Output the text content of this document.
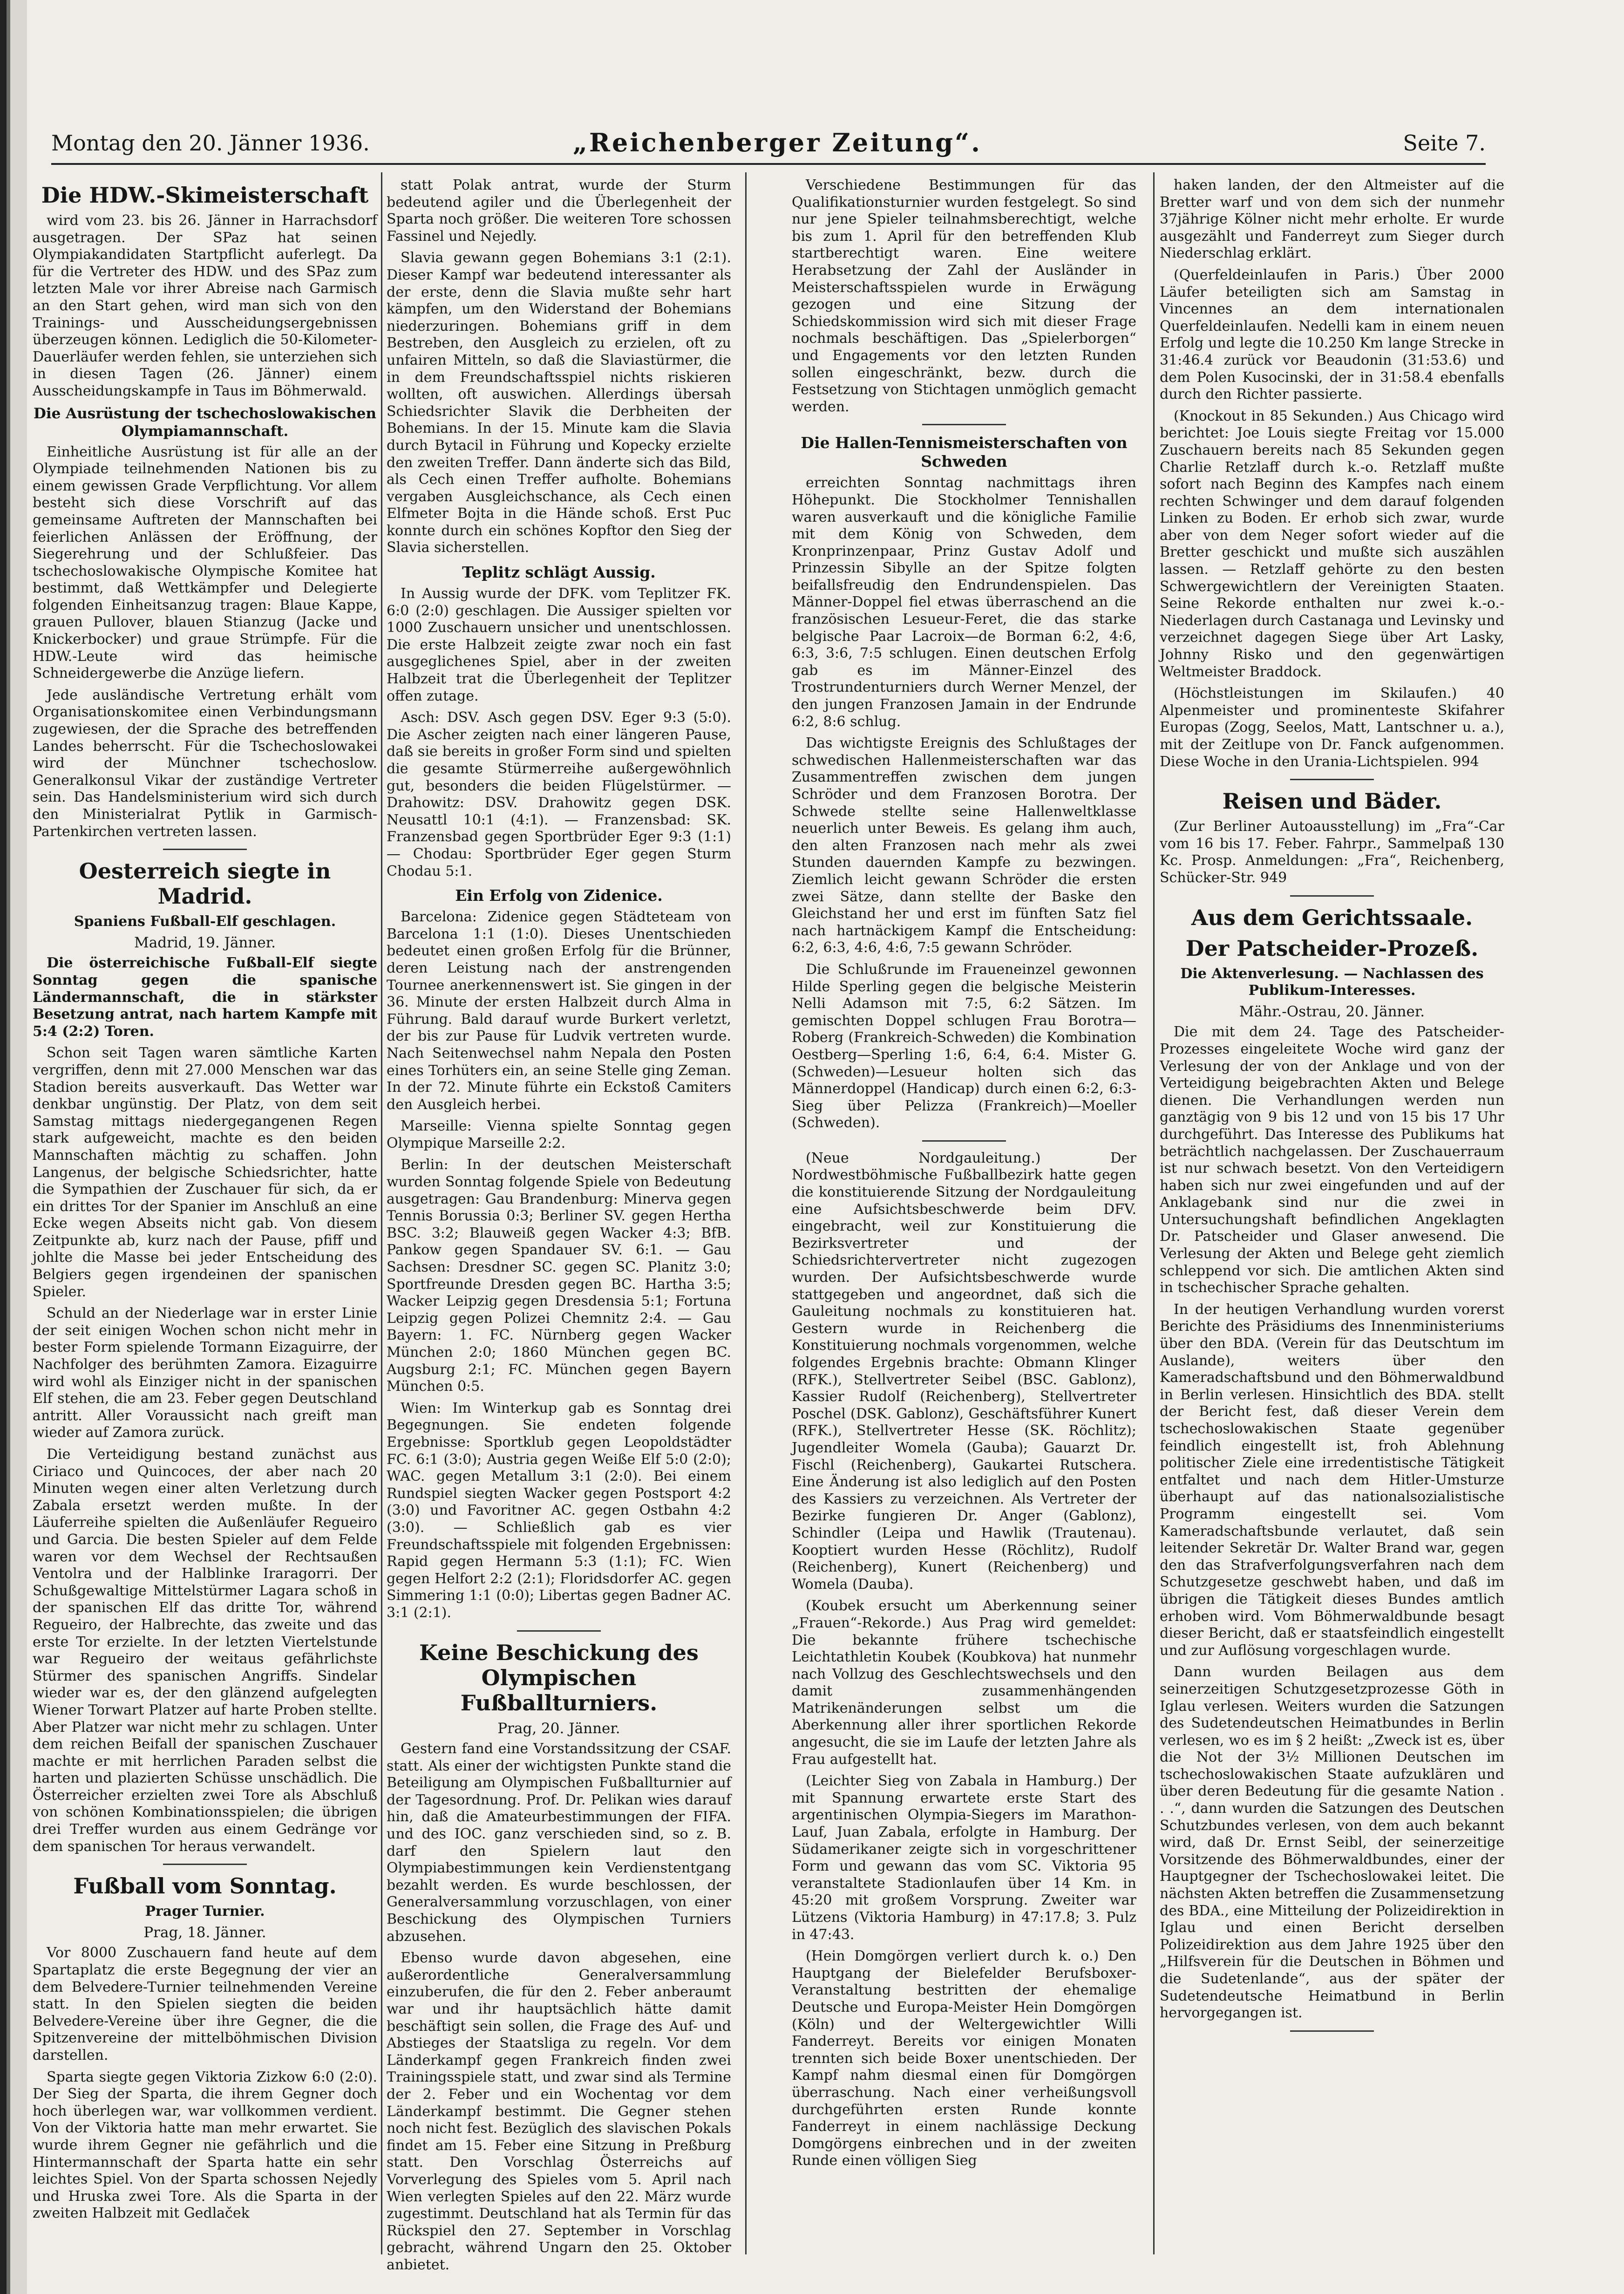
Montag den 20. Jänner 1936.	„Reichenberger Zeitung“.	Seite 7.
Die HDW.-Skimeisterschaft

wird vom 23. bis 26. Jänner in Harrachsdorf ausgetragen. Der SPaz hat seinen Olympiakandidaten Startpflicht auferlegt. Da für die Vertreter des HDW. und des SPaz zum letzten Male vor ihrer Abreise nach Garmisch an den Start gehen, wird man sich von den Trainings- und Ausscheidungsergebnissen überzeugen können. Lediglich die 50-Kilometer-Dauerläufer werden fehlen, sie unterziehen sich in diesen Tagen (26. Jänner) einem Ausscheidungskampfe in Taus im Böhmerwald.

Die Ausrüstung der tschechoslowakischen Olympiamannschaft.

Einheitliche Ausrüstung ist für alle an der Olympiade teilnehmenden Nationen bis zu einem gewissen Grade Verpflichtung. Vor allem besteht sich diese Vorschrift auf das gemeinsame Auftreten der Mannschaften bei feierlichen Anlässen der Eröffnung, der Siegerehrung und der Schlußfeier. Das tschechoslowakische Olympische Komitee hat bestimmt, daß Wettkämpfer und Delegierte folgenden Einheitsanzug tragen: Blaue Kappe, grauen Pullover, blauen Stianzug (Jacke und Knickerbocker) und graue Strümpfe. Für die HDW.-Leute wird das heimische Schneidergewerbe die Anzüge liefern.

Jede ausländische Vertretung erhält vom Organisationskomitee einen Verbindungsmann zugewiesen, der die Sprache des betreffenden Landes beherrscht. Für die Tschechoslowakei wird der Münchner tschechoslow. Generalkonsul Vikar der zuständige Vertreter sein. Das Handelsministerium wird sich durch den Ministerialrat Pytlik in Garmisch-Partenkirchen vertreten lassen.

Oesterreich siegte in Madrid.
Spaniens Fußball-Elf geschlagen.
Madrid, 19. Jänner.

Die österreichische Fußball-Elf siegte Sonntag gegen die spanische Ländermannschaft, die in stärkster Besetzung antrat, nach hartem Kampfe mit 5:4 (2:2) Toren.

Schon seit Tagen waren sämtliche Karten vergriffen, denn mit 27.000 Menschen war das Stadion bereits ausverkauft. Das Wetter war denkbar ungünstig. Der Platz, von dem seit Samstag mittags niedergegangenen Regen stark aufgeweicht, machte es den beiden Mannschaften mächtig zu schaffen. John Langenus, der belgische Schiedsrichter, hatte die Sympathien der Zuschauer für sich, da er ein drittes Tor der Spanier im Anschluß an eine Ecke wegen Abseits nicht gab. Von diesem Zeitpunkte ab, kurz nach der Pause, pfiff und johlte die Masse bei jeder Entscheidung des Belgiers gegen irgendeinen der spanischen Spieler.

Schuld an der Niederlage war in erster Linie der seit einigen Wochen schon nicht mehr in bester Form spielende Tormann Eizaguirre, der Nachfolger des berühmten Zamora. Eizaguirre wird wohl als Einziger nicht in der spanischen Elf stehen, die am 23. Feber gegen Deutschland antritt. Aller Voraussicht nach greift man wieder auf Zamora zurück.

Die Verteidigung bestand zunächst aus Ciriaco und Quincoces, der aber nach 20 Minuten wegen einer alten Verletzung durch Zabala ersetzt werden mußte. In der Läuferreihe spielten die Außenläufer Regueiro und Garcia. Die besten Spieler auf dem Felde waren vor dem Wechsel der Rechtsaußen Ventolra und der Halblinke Iraragorri. Der Schußgewaltige Mittelstürmer Lagara schoß in der spanischen Elf das dritte Tor, während Regueiro, der Halbrechte, das zweite und das erste Tor erzielte. In der letzten Viertelstunde war Regueiro der weitaus gefährlichste Stürmer des spanischen Angriffs. Sindelar wieder war es, der den glänzend aufgelegten Wiener Torwart Platzer auf harte Proben stellte. Aber Platzer war nicht mehr zu schlagen. Unter dem reichen Beifall der spanischen Zuschauer machte er mit herrlichen Paraden selbst die harten und plazierten Schüsse unschädlich. Die Österreicher erzielten zwei Tore als Abschluß von schönen Kombinationsspielen; die übrigen drei Treffer wurden aus einem Gedränge vor dem spanischen Tor heraus verwandelt.

Fußball vom Sonntag.
Prager Turnier.
Prag, 18. Jänner.

Vor 8000 Zuschauern fand heute auf dem Spartaplatz die erste Begegnung der vier an dem Belvedere-Turnier teilnehmenden Vereine statt. In den Spielen siegten die beiden Belvedere-Vereine über ihre Gegner, die die Spitzenvereine der mittelböhmischen Division darstellen.

Sparta siegte gegen Viktoria Zizkow 6:0 (2:0). Der Sieg der Sparta, die ihrem Gegner doch hoch überlegen war, war vollkommen verdient. Von der Viktoria hatte man mehr erwartet. Sie wurde ihrem Gegner nie gefährlich und die Hintermannschaft der Sparta hatte ein sehr leichtes Spiel. Von der Sparta schossen Nejedly und Hruska zwei Tore. Als die Sparta in der zweiten Halbzeit mit Gedlaček

statt Polak antrat, wurde der Sturm bedeutend agiler und die Überlegenheit der Sparta noch größer. Die weiteren Tore schossen Fassinel und Nejedly.

Slavia gewann gegen Bohemians 3:1 (2:1). Dieser Kampf war bedeutend interessanter als der erste, denn die Slavia mußte sehr hart kämpfen, um den Widerstand der Bohemians niederzuringen. Bohemians griff in dem Bestreben, den Ausgleich zu erzielen, oft zu unfairen Mitteln, so daß die Slaviastürmer, die in dem Freundschaftsspiel nichts riskieren wollten, oft auswichen. Allerdings übersah Schiedsrichter Slavik die Derbheiten der Bohemians. In der 15. Minute kam die Slavia durch Bytacil in Führung und Kopecky erzielte den zweiten Treffer. Dann änderte sich das Bild, als Cech einen Treffer aufholte. Bohemians vergaben Ausgleichschance, als Cech einen Elfmeter Bojta in die Hände schoß. Erst Puc konnte durch ein schönes Kopftor den Sieg der Slavia sicherstellen.

Teplitz schlägt Aussig.

In Aussig wurde der DFK. vom Teplitzer FK. 6:0 (2:0) geschlagen. Die Aussiger spielten vor 1000 Zuschauern unsicher und unentschlossen. Die erste Halbzeit zeigte zwar noch ein fast ausgeglichenes Spiel, aber in der zweiten Halbzeit trat die Überlegenheit der Teplitzer offen zutage.

Asch: DSV. Asch gegen DSV. Eger 9:3 (5:0). Die Ascher zeigten nach einer längeren Pause, daß sie bereits in großer Form sind und spielten die gesamte Stürmerreihe außergewöhnlich gut, besonders die beiden Flügelstürmer. — Drahowitz: DSV. Drahowitz gegen DSK. Neusattl 10:1 (4:1). — Franzensbad: SK. Franzensbad gegen Sportbrüder Eger 9:3 (1:1) — Chodau: Sportbrüder Eger gegen Sturm Chodau 5:1.

Ein Erfolg von Zidenice.

Barcelona: Zidenice gegen Städteteam von Barcelona 1:1 (1:0). Dieses Unentschieden bedeutet einen großen Erfolg für die Brünner, deren Leistung nach der anstrengenden Tournee anerkennenswert ist. Sie gingen in der 36. Minute der ersten Halbzeit durch Alma in Führung. Bald darauf wurde Burkert verletzt, der bis zur Pause für Ludvik vertreten wurde. Nach Seitenwechsel nahm Nepala den Posten eines Torhüters ein, an seine Stelle ging Zeman. In der 72. Minute führte ein Eckstoß Camiters den Ausgleich herbei.

Marseille: Vienna spielte Sonntag gegen Olympique Marseille 2:2.

Berlin: In der deutschen Meisterschaft wurden Sonntag folgende Spiele von Bedeutung ausgetragen: Gau Brandenburg: Minerva gegen Tennis Borussia 0:3; Berliner SV. gegen Hertha BSC. 3:2; Blauweiß gegen Wacker 4:3; BfB. Pankow gegen Spandauer SV. 6:1. — Gau Sachsen: Dresdner SC. gegen SC. Planitz 3:0; Sportfreunde Dresden gegen BC. Hartha 3:5; Wacker Leipzig gegen Dresdensia 5:1; Fortuna Leipzig gegen Polizei Chemnitz 2:4. — Gau Bayern: 1. FC. Nürnberg gegen Wacker München 2:0; 1860 München gegen BC. Augsburg 2:1; FC. München gegen Bayern München 0:5.

Wien: Im Winterkup gab es Sonntag drei Begegnungen. Sie endeten folgende Ergebnisse: Sportklub gegen Leopoldstädter FC. 6:1 (3:0); Austria gegen Weiße Elf 5:0 (2:0); WAC. gegen Metallum 3:1 (2:0). Bei einem Rundspiel siegten Wacker gegen Postsport 4:2 (3:0) und Favoritner AC. gegen Ostbahn 4:2 (3:0). — Schließlich gab es vier Freundschaftsspiele mit folgenden Ergebnissen: Rapid gegen Hermann 5:3 (1:1); FC. Wien gegen Helfort 2:2 (2:1); Floridsdorfer AC. gegen Simmering 1:1 (0:0); Libertas gegen Badner AC. 3:1 (2:1).

Keine Beschickung des Olympischen Fußballturniers.
Prag, 20. Jänner.

Gestern fand eine Vorstandssitzung der CSAF. statt. Als einer der wichtigsten Punkte stand die Beteiligung am Olympischen Fußballturnier auf der Tagesordnung. Prof. Dr. Pelikan wies darauf hin, daß die Amateurbestimmungen der FIFA. und des IOC. ganz verschieden sind, so z. B. darf den Spielern laut den Olympiabestimmungen kein Verdienstentgang bezahlt werden. Es wurde beschlossen, der Generalversammlung vorzuschlagen, von einer Beschickung des Olympischen Turniers abzusehen.

Ebenso wurde davon abgesehen, eine außerordentliche Generalversammlung einzuberufen, die für den 2. Feber anberaumt war und ihr hauptsächlich hätte damit beschäftigt sein sollen, die Frage des Auf- und Abstieges der Staatsliga zu regeln. Vor dem Länderkampf gegen Frankreich finden zwei Trainingsspiele statt, und zwar sind als Termine der 2. Feber und ein Wochentag vor dem Länderkampf bestimmt. Die Gegner stehen noch nicht fest. Bezüglich des slavischen Pokals findet am 15. Feber eine Sitzung in Preßburg statt. Den Vorschlag Österreichs auf Vorverlegung des Spieles vom 5. April nach Wien verlegten Spieles auf den 22. März wurde zugestimmt. Deutschland hat als Termin für das Rückspiel den 27. September in Vorschlag gebracht, während Ungarn den 25. Oktober anbietet.

Verschiedene Bestimmungen für das Qualifikationsturnier wurden festgelegt. So sind nur jene Spieler teilnahmsberechtigt, welche bis zum 1. April für den betreffenden Klub startberechtigt waren. Eine weitere Herabsetzung der Zahl der Ausländer in Meisterschaftsspielen wurde in Erwägung gezogen und eine Sitzung der Schiedskommission wird sich mit dieser Frage nochmals beschäftigen. Das „Spielerborgen“ und Engagements vor den letzten Runden sollen eingeschränkt, bezw. durch die Festsetzung von Stichtagen unmöglich gemacht werden.

Die Hallen-Tennismeisterschaften von Schweden

erreichten Sonntag nachmittags ihren Höhepunkt. Die Stockholmer Tennishallen waren ausverkauft und die königliche Familie mit dem König von Schweden, dem Kronprinzenpaar, Prinz Gustav Adolf und Prinzessin Sibylle an der Spitze folgten beifallsfreudig den Endrundenspielen. Das Männer-Doppel fiel etwas überraschend an die französischen Lesueur-Feret, die das starke belgische Paar Lacroix—de Borman 6:2, 4:6, 6:3, 3:6, 7:5 schlugen. Einen deutschen Erfolg gab es im Männer-Einzel des Trostrundenturniers durch Werner Menzel, der den jungen Franzosen Jamain in der Endrunde 6:2, 8:6 schlug.

Das wichtigste Ereignis des Schlußtages der schwedischen Hallenmeisterschaften war das Zusammentreffen zwischen dem jungen Schröder und dem Franzosen Borotra. Der Schwede stellte seine Hallenweltklasse neuerlich unter Beweis. Es gelang ihm auch, den alten Franzosen nach mehr als zwei Stunden dauernden Kampfe zu bezwingen. Ziemlich leicht gewann Schröder die ersten zwei Sätze, dann stellte der Baske den Gleichstand her und erst im fünften Satz fiel nach hartnäckigem Kampf die Entscheidung: 6:2, 6:3, 4:6, 4:6, 7:5 gewann Schröder.

Die Schlußrunde im Fraueneinzel gewonnen Hilde Sperling gegen die belgische Meisterin Nelli Adamson mit 7:5, 6:2 Sätzen. Im gemischten Doppel schlugen Frau Borotra—Roberg (Frankreich-Schweden) die Kombination Oestberg—Sperling 1:6, 6:4, 6:4. Mister G. (Schweden)—Lesueur holten sich das Männerdoppel (Handicap) durch einen 6:2, 6:3-Sieg über Pelizza (Frankreich)—Moeller (Schweden).

(Neue Nordgauleitung.) Der Nordwestböhmische Fußballbezirk hatte gegen die konstituierende Sitzung der Nordgauleitung eine Aufsichtsbeschwerde beim DFV. eingebracht, weil zur Konstituierung die Bezirksvertreter und der Schiedsrichtervertreter nicht zugezogen wurden. Der Aufsichtsbeschwerde wurde stattgegeben und angeordnet, daß sich die Gauleitung nochmals zu konstituieren hat. Gestern wurde in Reichenberg die Konstituierung nochmals vorgenommen, welche folgendes Ergebnis brachte: Obmann Klinger (RFK.), Stellvertreter Seibel (BSC. Gablonz), Kassier Rudolf (Reichenberg), Stellvertreter Poschel (DSK. Gablonz), Geschäftsführer Kunert (RFK.), Stellvertreter Hesse (SK. Röchlitz); Jugendleiter Womela (Gauba); Gauarzt Dr. Fischl (Reichenberg), Gaukartei Rutschera. Eine Änderung ist also lediglich auf den Posten des Kassiers zu verzeichnen. Als Vertreter der Bezirke fungieren Dr. Anger (Gablonz), Schindler (Leipa und Hawlik (Trautenau). Kooptiert wurden Hesse (Röchlitz), Rudolf (Reichenberg), Kunert (Reichenberg) und Womela (Dauba).

(Koubek ersucht um Aberkennung seiner „Frauen“-Rekorde.) Aus Prag wird gemeldet: Die bekannte frühere tschechische Leichtathletin Koubek (Koubkova) hat nunmehr nach Vollzug des Geschlechtswechsels und den damit zusammenhängenden Matrikenänderungen selbst um die Aberkennung aller ihrer sportlichen Rekorde angesucht, die sie im Laufe der letzten Jahre als Frau aufgestellt hat.

(Leichter Sieg von Zabala in Hamburg.) Der mit Spannung erwartete erste Start des argentinischen Olympia-Siegers im Marathon-Lauf, Juan Zabala, erfolgte in Hamburg. Der Südamerikaner zeigte sich in vorgeschrittener Form und gewann das vom SC. Viktoria 95 veranstaltete Stadionlaufen über 14 Km. in 45:20 mit großem Vorsprung. Zweiter war Lützens (Viktoria Hamburg) in 47:17.8; 3. Pulz in 47:43.

(Hein Domgörgen verliert durch k. o.) Den Hauptgang der Bielefelder Berufsboxer-Veranstaltung bestritten der ehemalige Deutsche und Europa-Meister Hein Domgörgen (Köln) und der Weltergewichtler Willi Fanderreyt. Bereits vor einigen Monaten trennten sich beide Boxer unentschieden. Der Kampf nahm diesmal einen für Domgörgen überraschung. Nach einer verheißungsvoll durchgeführten ersten Runde konnte Fanderreyt in einem nachlässige Deckung Domgörgens einbrechen und in der zweiten Runde einen völligen Sieg

haken landen, der den Altmeister auf die Bretter warf und von dem sich der nunmehr 37jährige Kölner nicht mehr erholte. Er wurde ausgezählt und Fanderreyt zum Sieger durch Niederschlag erklärt.

(Querfeldeinlaufen in Paris.) Über 2000 Läufer beteiligten sich am Samstag in Vincennes an dem internationalen Querfeldeinlaufen. Nedelli kam in einem neuen Erfolg und legte die 10.250 Km lange Strecke in 31:46.4 zurück vor Beaudonin (31:53.6) und dem Polen Kusocinski, der in 31:58.4 ebenfalls durch den Richter passierte.

(Knockout in 85 Sekunden.) Aus Chicago wird berichtet: Joe Louis siegte Freitag vor 15.000 Zuschauern bereits nach 85 Sekunden gegen Charlie Retzlaff durch k.-o. Retzlaff mußte sofort nach Beginn des Kampfes nach einem rechten Schwinger und dem darauf folgenden Linken zu Boden. Er erhob sich zwar, wurde aber von dem Neger sofort wieder auf die Bretter geschickt und mußte sich auszählen lassen. — Retzlaff gehörte zu den besten Schwergewichtlern der Vereinigten Staaten. Seine Rekorde enthalten nur zwei k.-o.-Niederlagen durch Castanaga und Levinsky und verzeichnet dagegen Siege über Art Lasky, Johnny Risko und den gegenwärtigen Weltmeister Braddock.

(Höchstleistungen im Skilaufen.) 40 Alpenmeister und prominenteste Skifahrer Europas (Zogg, Seelos, Matt, Lantschner u. a.), mit der Zeitlupe von Dr. Fanck aufgenommen. Diese Woche in den Urania-Lichtspielen. 994

Reisen und Bäder.

(Zur Berliner Autoausstellung) im „Fra“-Car vom 16 bis 17. Feber. Fahrpr., Sammelpaß 130 Kc. Prosp. Anmeldungen: „Fra“, Reichenberg, Schücker-Str. 949

Aus dem Gerichtssaale.
Der Patscheider-Prozeß.
Die Aktenverlesung. — Nachlassen des Publikum-Interesses.
Mähr.-Ostrau, 20. Jänner.

Die mit dem 24. Tage des Patscheider-Prozesses eingeleitete Woche wird ganz der Verlesung der von der Anklage und von der Verteidigung beigebrachten Akten und Belege dienen. Die Verhandlungen werden nun ganztägig von 9 bis 12 und von 15 bis 17 Uhr durchgeführt. Das Interesse des Publikums hat beträchtlich nachgelassen. Der Zuschauerraum ist nur schwach besetzt. Von den Verteidigern haben sich nur zwei eingefunden und auf der Anklagebank sind nur die zwei in Untersuchungshaft befindlichen Angeklagten Dr. Patscheider und Glaser anwesend. Die Verlesung der Akten und Belege geht ziemlich schleppend vor sich. Die amtlichen Akten sind in tschechischer Sprache gehalten.

In der heutigen Verhandlung wurden vorerst Berichte des Präsidiums des Innenministeriums über den BDA. (Verein für das Deutschtum im Auslande), weiters über den Kameradschaftsbund und den Böhmerwaldbund in Berlin verlesen. Hinsichtlich des BDA. stellt der Bericht fest, daß dieser Verein dem tschechoslowakischen Staate gegenüber feindlich eingestellt ist, froh Ablehnung politischer Ziele eine irredentistische Tätigkeit entfaltet und nach dem Hitler-Umsturze überhaupt auf das nationalsozialistische Programm eingestellt sei. Vom Kameradschaftsbunde verlautet, daß sein leitender Sekretär Dr. Walter Brand war, gegen den das Strafverfolgungsverfahren nach dem Schutzgesetze geschwebt haben, und daß im übrigen die Tätigkeit dieses Bundes amtlich erhoben wird. Vom Böhmerwaldbunde besagt dieser Bericht, daß er staatsfeindlich eingestellt und zur Auflösung vorgeschlagen wurde.

Dann wurden Beilagen aus dem seinerzeitigen Schutzgesetzprozesse Göth in Iglau verlesen. Weiters wurden die Satzungen des Sudetendeutschen Heimatbundes in Berlin verlesen, wo es im § 2 heißt: „Zweck ist es, über die Not der 3½ Millionen Deutschen im tschechoslowakischen Staate aufzuklären und über deren Bedeutung für die gesamte Nation . . .“, dann wurden die Satzungen des Deutschen Schutzbundes verlesen, von dem auch bekannt wird, daß Dr. Ernst Seibl, der seinerzeitige Vorsitzende des Böhmerwaldbundes, einer der Hauptgegner der Tschechoslowakei leitet. Die nächsten Akten betreffen die Zusammensetzung des BDA., eine Mitteilung der Polizeidirektion in Iglau und einen Bericht derselben Polizeidirektion aus dem Jahre 1925 über den „Hilfsverein für die Deutschen in Böhmen und die Sudetenlande“, aus der später der Sudetendeutsche Heimatbund in Berlin hervorgegangen ist.
